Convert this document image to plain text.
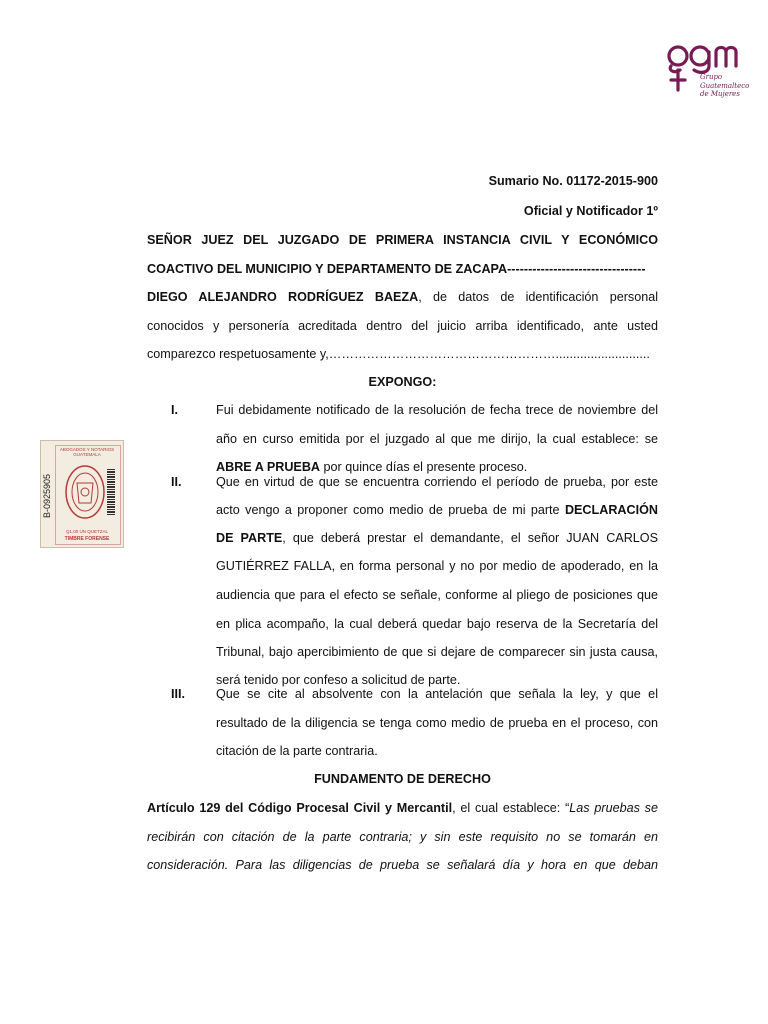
Grupo
Guatemalteco
de Mujeres
ABOGADOS Y NOTARIOS GUATEMALA
B-0925905
Q1.00 UN QUETZAL
TIMBRE FORENSE
Sumario No. 01172-2015-900
Oficial y Notificador 1º
SEÑOR JUEZ DEL JUZGADO DE PRIMERA INSTANCIA CIVIL Y ECONÓMICO
COACTIVO DEL MUNICIPIO Y DEPARTAMENTO DE ZACAPA---------------------------------
DIEGO ALEJANDRO RODRÍGUEZ BAEZA, de datos de identificación personal
conocidos y personería acreditada dentro del juicio arriba identificado, ante usted
comparezco respetuosamente y,………………………………………………...........................
EXPONGO:
I.	Fui debidamente notificado de la resolución de fecha trece de noviembre del
año en curso emitida por el juzgado al que me dirijo, la cual establece: se
ABRE A PRUEBA por quince días el presente proceso.
II.	Que en virtud de que se encuentra corriendo el período de prueba, por este
acto vengo a proponer como medio de prueba de mi parte DECLARACIÓN
DE PARTE, que deberá prestar el demandante, el señor JUAN CARLOS
GUTIÉRREZ FALLA, en forma personal y no por medio de apoderado, en la
audiencia que para el efecto se señale, conforme al pliego de posiciones que
en plica acompaño, la cual deberá quedar bajo reserva de la Secretaría del
Tribunal, bajo apercibimiento de que si dejare de comparecer sin justa causa,
será tenido por confeso a solicitud de parte.
III. Que se cite al absolvente con la antelación que señala la ley, y que el
resultado de la diligencia se tenga como medio de prueba en el proceso, con
citación de la parte contraria.
FUNDAMENTO DE DERECHO
Artículo 129 del Código Procesal Civil y Mercantil, el cual establece: “Las pruebas se
recibirán con citación de la parte contraria; y sin este requisito no se tomarán en
consideración. Para las diligencias de prueba se señalará día y hora en que deban
